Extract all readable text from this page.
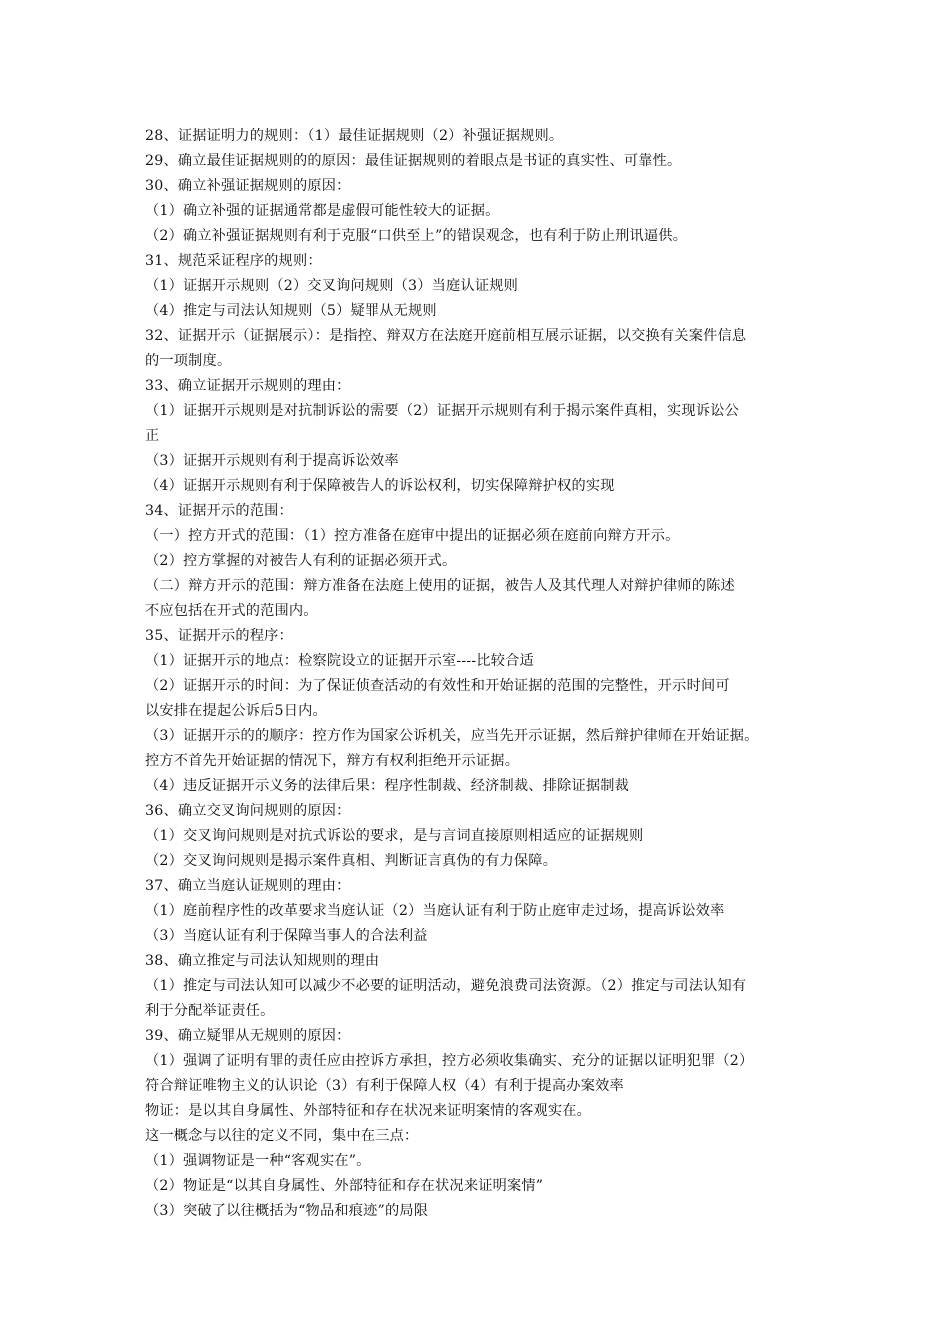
28、证据证明力的规则：（1）最佳证据规则（2）补强证据规则。
29、确立最佳证据规则的的原因：最佳证据规则的着眼点是书证的真实性、可靠性。
30、确立补强证据规则的原因：
（1）确立补强的证据通常都是虚假可能性较大的证据。
（2）确立补强证据规则有利于克服“口供至上”的错误观念，也有利于防止刑讯逼供。
31、规范采证程序的规则：
（1）证据开示规则（2）交叉询问规则（3）当庭认证规则
（4）推定与司法认知规则（5）疑罪从无规则
32、证据开示（证据展示）：是指控、辩双方在法庭开庭前相互展示证据，以交换有关案件信息
的一项制度。
33、确立证据开示规则的理由：
（1）证据开示规则是对抗制诉讼的需要（2）证据开示规则有利于揭示案件真相，实现诉讼公
正
（3）证据开示规则有利于提高诉讼效率
（4）证据开示规则有利于保障被告人的诉讼权利，切实保障辩护权的实现
34、证据开示的范围：
（一）控方开式的范围：（1）控方准备在庭审中提出的证据必须在庭前向辩方开示。
（2）控方掌握的对被告人有利的证据必须开式。
（二）辩方开示的范围：辩方准备在法庭上使用的证据，被告人及其代理人对辩护律师的陈述
不应包括在开式的范围内。
35、证据开示的程序：
（1）证据开示的地点：检察院设立的证据开示室----比较合适
（2）证据开示的时间：为了保证侦查活动的有效性和开始证据的范围的完整性，开示时间可
以安排在提起公诉后5日内。
（3）证据开示的的顺序：控方作为国家公诉机关，应当先开示证据，然后辩护律师在开始证据。
控方不首先开始证据的情况下，辩方有权利拒绝开示证据。
（4）违反证据开示义务的法律后果：程序性制裁、经济制裁、排除证据制裁
36、确立交叉询问规则的原因：
（1）交叉询问规则是对抗式诉讼的要求，是与言词直接原则相适应的证据规则
（2）交叉询问规则是揭示案件真相、判断证言真伪的有力保障。
37、确立当庭认证规则的理由：
（1）庭前程序性的改革要求当庭认证（2）当庭认证有利于防止庭审走过场，提高诉讼效率
（3）当庭认证有利于保障当事人的合法利益
38、确立推定与司法认知规则的理由
（1）推定与司法认知可以减少不必要的证明活动，避免浪费司法资源。（2）推定与司法认知有
利于分配举证责任。
39、确立疑罪从无规则的原因：
（1）强调了证明有罪的责任应由控诉方承担，控方必须收集确实、充分的证据以证明犯罪（2）
符合辩证唯物主义的认识论（3）有利于保障人权（4）有利于提高办案效率
物证：是以其自身属性、外部特征和存在状况来证明案情的客观实在。
这一概念与以往的定义不同，集中在三点：
（1）强调物证是一种“客观实在”。
（2）物证是“以其自身属性、外部特征和存在状况来证明案情”
（3）突破了以往概括为“物品和痕迹”的局限
